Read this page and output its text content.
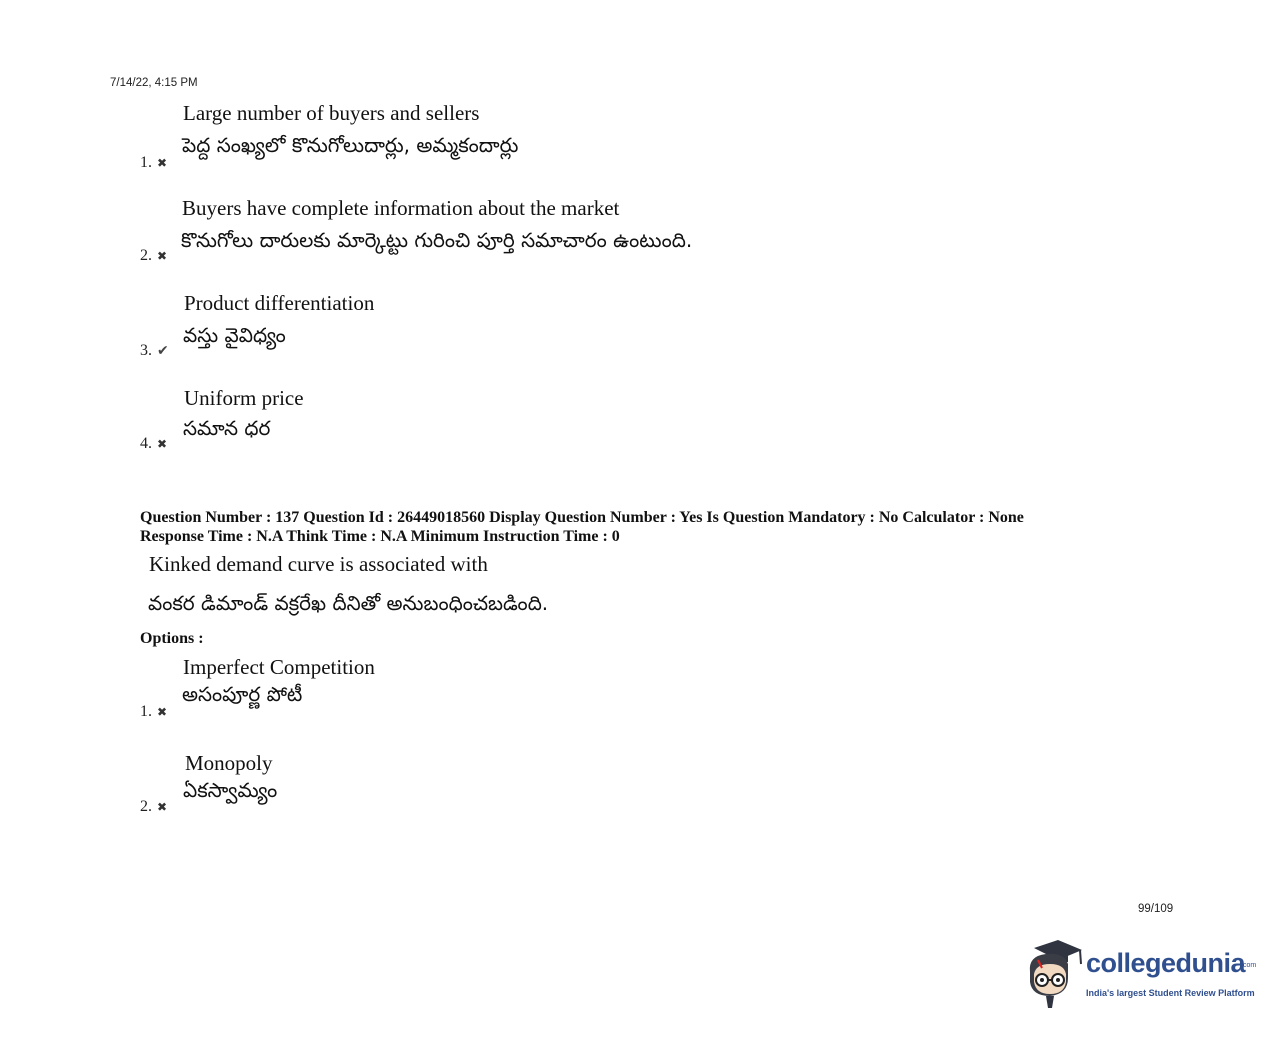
7/14/22, 4:15 PM
Large number of buyers and sellers
పెద్ద సంఖ్యలో కొనుగోలుదార్లు, అమ్మకందార్లు
1. ✖
Buyers have complete information about the market
కొనుగోలు దారులకు మార్కెట్టు గురించి పూర్తి సమాచారం ఉంటుంది.
2. ✖
Product differentiation
వస్తు వైవిధ్యం
3. ✔
Uniform price
సమాన ధర
4. ✖
Question Number : 137 Question Id : 26449018560 Display Question Number : Yes Is Question Mandatory : No Calculator : None
Response Time : N.A Think Time : N.A Minimum Instruction Time : 0
Kinked demand curve is associated with
వంకర డిమాండ్ వక్రరేఖ దీనితో అనుబంధించబడింది.
Options :
Imperfect Competition
అసంపూర్ణ పోటీ
1. ✖
Monopoly
ఏకస్వామ్యం
2. ✖
99/109
collegedunia
.com
India's largest Student Review Platform
